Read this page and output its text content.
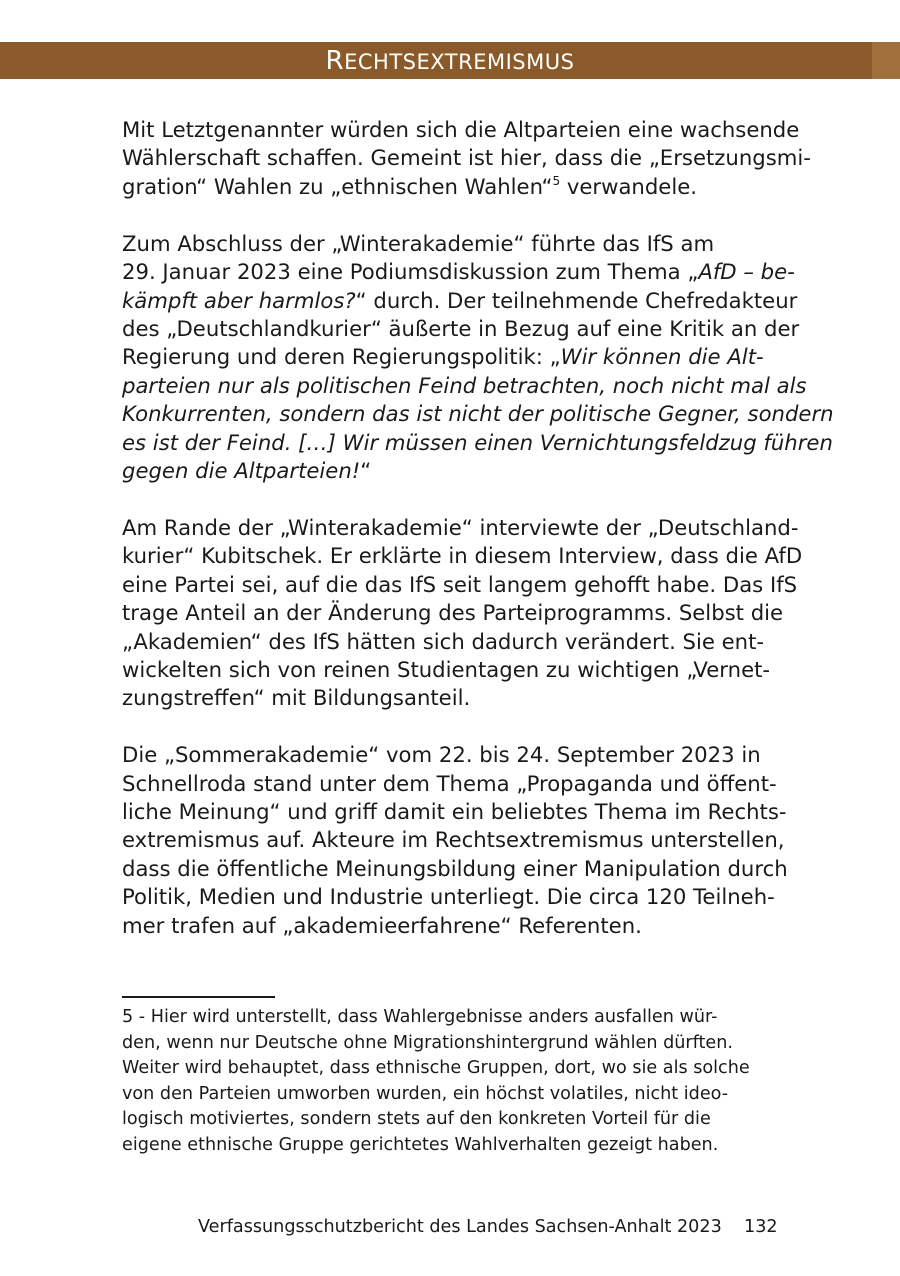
RECHTSEXTREMISMUS

Mit Letztgenannter würden sich die Altparteien eine wachsende
Wählerschaft schaffen. Gemeint ist hier, dass die „Ersetzungsmi-
gration“ Wahlen zu „ethnischen Wahlen“$^5$ verwandele.

Zum Abschluss der „Winterakademie“ führte das IfS am
29. Januar 2023 eine Podiumsdiskussion zum Thema „AfD – be-
kämpft aber harmlos?“ durch. Der teilnehmende Chefredakteur
des „Deutschlandkurier“ äußerte in Bezug auf eine Kritik an der
Regierung und deren Regierungspolitik: „Wir können die Alt-
parteien nur als politischen Feind betrachten, noch nicht mal als
Konkurrenten, sondern das ist nicht der politische Gegner, sondern
es ist der Feind. […] Wir müssen einen Vernichtungsfeldzug führen
gegen die Altparteien!“

Am Rande der „Winterakademie“ interviewte der „Deutschland-
kurier“ Kubitschek. Er erklärte in diesem Interview, dass die AfD
eine Partei sei, auf die das IfS seit langem gehofft habe. Das IfS
trage Anteil an der Änderung des Parteiprogramms. Selbst die
„Akademien“ des IfS hätten sich dadurch verändert. Sie ent-
wickelten sich von reinen Studientagen zu wichtigen „Vernet-
zungstreffen“ mit Bildungsanteil.

Die „Sommerakademie“ vom 22. bis 24. September 2023 in
Schnellroda stand unter dem Thema „Propaganda und öffent-
liche Meinung“ und griff damit ein beliebtes Thema im Rechts-
extremismus auf. Akteure im Rechtsextremismus unterstellen,
dass die öffentliche Meinungsbildung einer Manipulation durch
Politik, Medien und Industrie unterliegt. Die circa 120 Teilneh-
mer trafen auf „akademieerfahrene“ Referenten.

5 - Hier wird unterstellt, dass Wahlergebnisse anders ausfallen wür-
den, wenn nur Deutsche ohne Migrationshintergrund wählen dürften.
Weiter wird behauptet, dass ethnische Gruppen, dort, wo sie als solche
von den Parteien umworben wurden, ein höchst volatiles, nicht ideo-
logisch motiviertes, sondern stets auf den konkreten Vorteil für die
eigene ethnische Gruppe gerichtetes Wahlverhalten gezeigt haben.
Verfassungsschutzbericht des Landes Sachsen-Anhalt 2023 132
